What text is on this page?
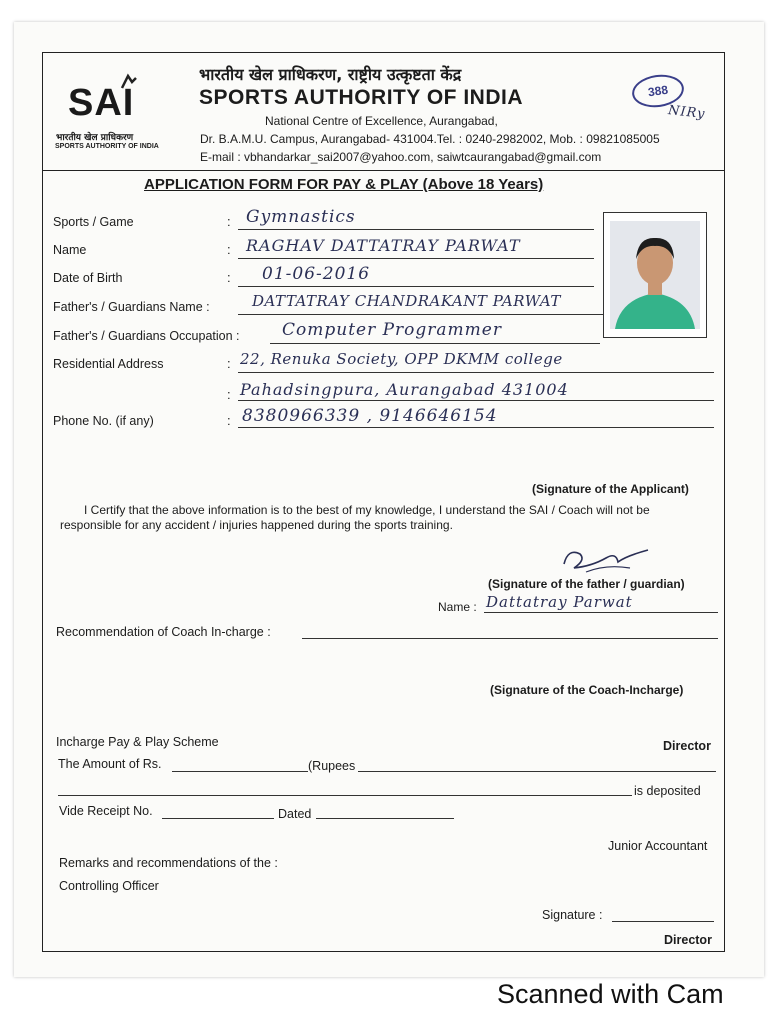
SAI
भारतीय खेल प्राधिकरण
SPORTS AUTHORITY OF INDIA
भारतीय खेल प्राधिकरण, राष्ट्रीय उत्कृष्टता केंद्र
SPORTS AUTHORITY OF INDIA
National Centre of Excellence, Aurangabad,
Dr. B.A.M.U. Campus, Aurangabad- 431004.Tel. : 0240-2982002, Mob. : 09821085005
E-mail : vbhandarkar_sai2007@yahoo.com, saiwtcaurangabad@gmail.com
388
NIRy
APPLICATION FORM FOR PAY & PLAY (Above 18 Years)
Sports / Game	: Gymnastics
Name	: RAGHAV DATTATRAY PARWAT
Date of Birth	: 01-06-2016
Father's / Guardians Name :	DATTATRAY CHANDRAKANT PARWAT
Father's / Guardians Occupation : Computer Programmer
Residential Address	: 22, Renuka Society, OPP DKMM college
: Pahadsingpura, Aurangabad 431004
Phone No. (if any)	: 8380966339 , 9146646154
(Signature of the Applicant)
I Certify that the above information is to the best of my knowledge, I understand the SAI / Coach will not be
responsible for any accident / injuries happened during the sports training.
(Signature of the father / guardian)
Name : Dattatray Parwat
Recommendation of Coach In-charge :
(Signature of the Coach-Incharge)
Incharge Pay & Play Scheme	Director
The Amount of Rs.	(Rupees
is deposited
Vide Receipt No.	Dated
Junior Accountant
Remarks and recommendations of the :
Controlling Officer
Signature :
Director
Scanned with Cam
